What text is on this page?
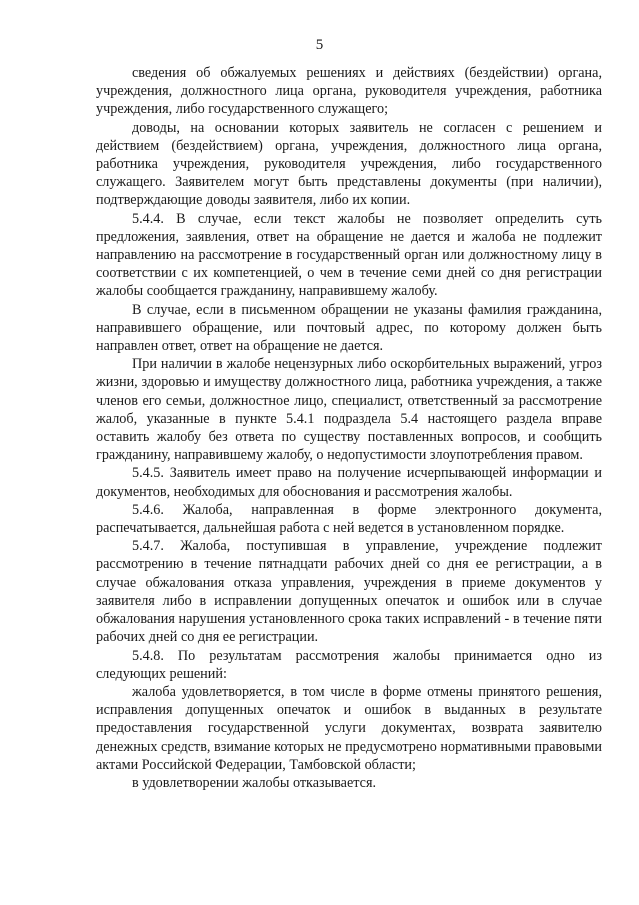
5

сведения об обжалуемых решениях и действиях (бездействии) органа, учреждения, должностного лица органа, руководителя учреждения, работника учреждения, либо государственного служащего;

доводы, на основании которых заявитель не согласен с решением и действием (бездействием) органа, учреждения, должностного лица органа, работника учреждения, руководителя учреждения, либо государственного служащего. Заявителем могут быть представлены документы (при наличии), подтверждающие доводы заявителя, либо их копии.

5.4.4. В случае, если текст жалобы не позволяет определить суть предложения, заявления, ответ на обращение не дается и жалоба не подлежит направлению на рассмотрение в государственный орган или должностному лицу в соответствии с их компетенцией, о чем в течение семи дней со дня регистрации жалобы сообщается гражданину, направившему жалобу.

В случае, если в письменном обращении не указаны фамилия гражданина, направившего обращение, или почтовый адрес, по которому должен быть направлен ответ, ответ на обращение не дается.

При наличии в жалобе нецензурных либо оскорбительных выражений, угроз жизни, здоровью и имуществу должностного лица, работника учреждения, а также членов его семьи, должностное лицо, специалист, ответственный за рассмотрение жалоб, указанные в пункте 5.4.1 подраздела 5.4 настоящего раздела вправе оставить жалобу без ответа по существу поставленных вопросов, и сообщить гражданину, направившему жалобу, о недопустимости злоупотребления правом.

5.4.5. Заявитель имеет право на получение исчерпывающей информации и документов, необходимых для обоснования и рассмотрения жалобы.

5.4.6. Жалоба, направленная в форме электронного документа, распечатывается, дальнейшая работа с ней ведется в установленном порядке.

5.4.7. Жалоба, поступившая в управление, учреждение подлежит рассмотрению в течение пятнадцати рабочих дней со дня ее регистрации, а в случае обжалования отказа управления, учреждения в приеме документов у заявителя либо в исправлении допущенных опечаток и ошибок или в случае обжалования нарушения установленного срока таких исправлений - в течение пяти рабочих дней со дня ее регистрации.

5.4.8. По результатам рассмотрения жалобы принимается одно из следующих решений:

жалоба удовлетворяется, в том числе в форме отмены принятого решения, исправления допущенных опечаток и ошибок в выданных в результате предоставления государственной услуги документах, возврата заявителю денежных средств, взимание которых не предусмотрено нормативными правовыми актами Российской Федерации, Тамбовской области;

в удовлетворении жалобы отказывается.
